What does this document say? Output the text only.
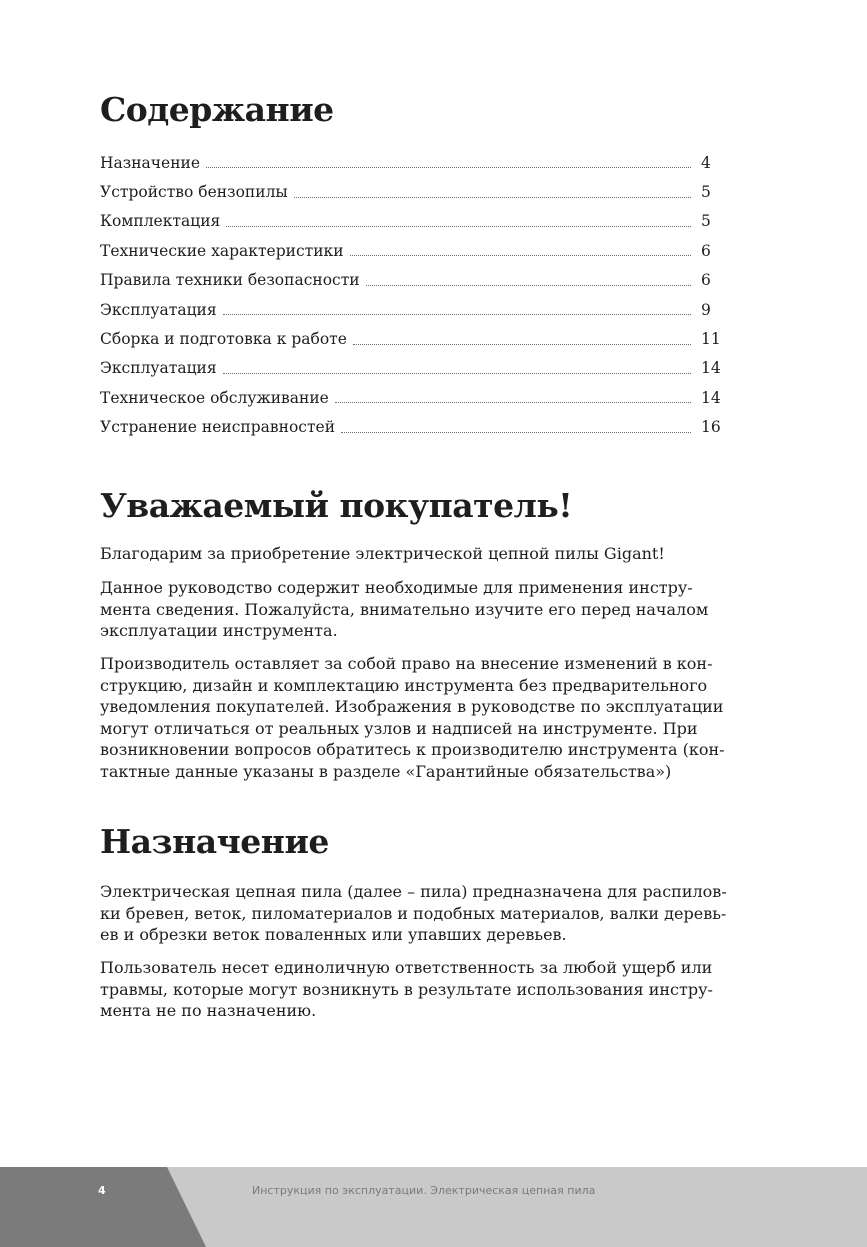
Содержание
Назначение	4
Устройство бензопилы	5
Комплектация	5
Технические характеристики	6
Правила техники безопасности	6
Эксплуатация	9
Сборка и подготовка к работе	11
Эксплуатация	14
Техническое обслуживание	14
Устранение неисправностей	16
Уважаемый покупатель!

Благодарим за приобретение электрической цепной пилы Gigant!

Данное руководство содержит необходимые для применения инстру-
мента сведения. Пожалуйста, внимательно изучите его перед началом
эксплуатации инструмента.

Производитель оставляет за собой право на внесение изменений в кон-
струкцию, дизайн и комплектацию инструмента без предварительного
уведомления покупателей. Изображения в руководстве по эксплуатации
могут отличаться от реальных узлов и надписей на инструменте. При
возникновении вопросов обратитесь к производителю инструмента (кон-
тактные данные указаны в разделе «Гарантийные обязательства»)

Назначение

Электрическая цепная пила (далее – пила) предназначена для распилов-
ки бревен, веток, пиломатериалов и подобных материалов, валки деревь-
ев и обрезки веток поваленных или упавших деревьев.

Пользователь несет единоличную ответственность за любой ущерб или
травмы, которые могут возникнуть в результате использования инстру-
мента не по назначению.

4	Инструкция по эксплуатации. Электрическая цепная пила
